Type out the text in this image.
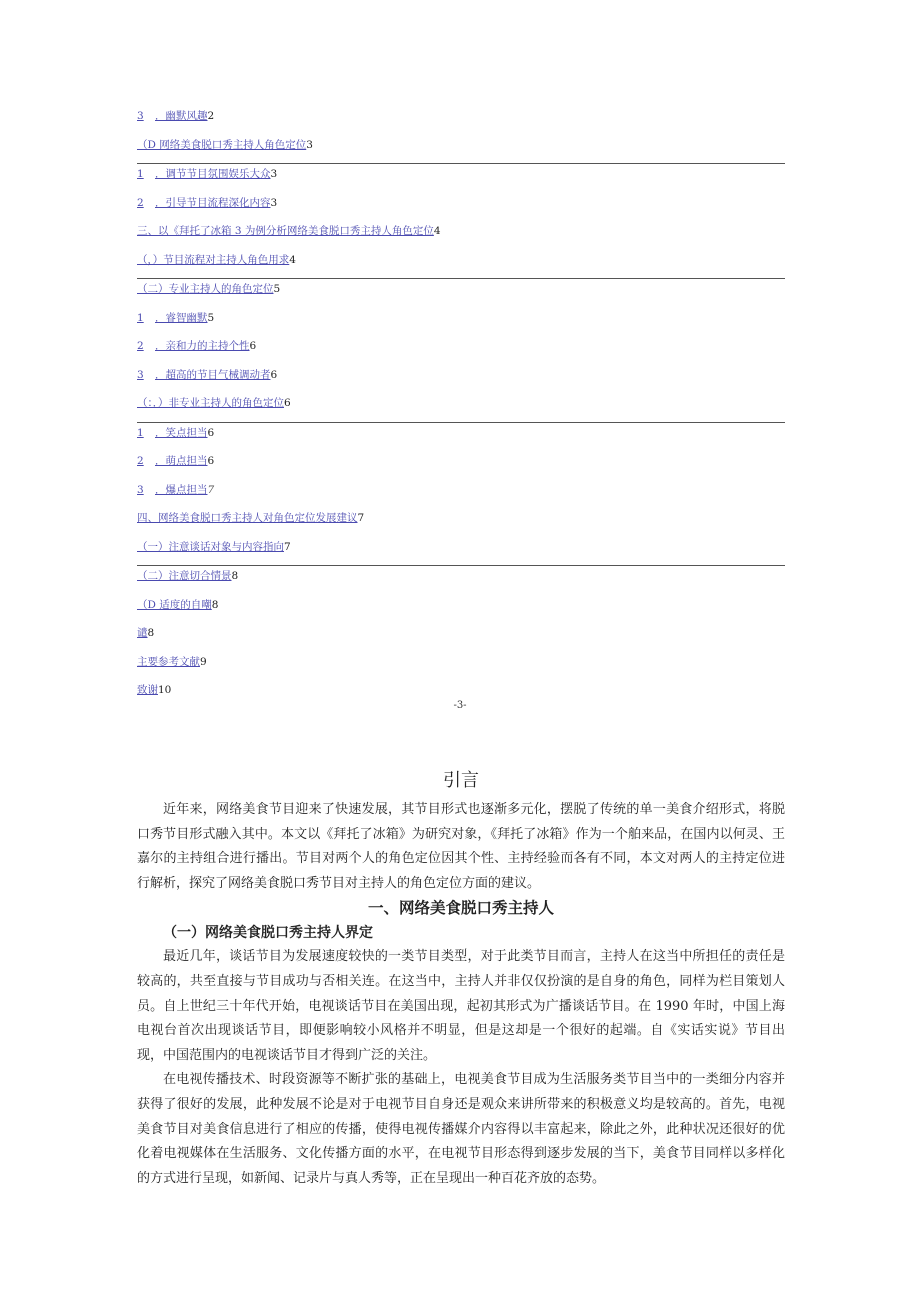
3 ．幽默风趣2
（D 网络美食脱口秀主持人角色定位3
1 ．调节节目氛围娱乐大众3
2 ．引导节目流程深化内容3
三、以《拜托了冰箱 3 为例分析网络美食脱口秀主持人角色定位4
（，）节目流程对主持人角色用求4
（二）专业主持人的角色定位5
1 ．睿智幽默5
2 ．亲和力的主持个性6
3 ．超高的节目气械调动者6
（：．）非专业主持人的角色定位6
1 ．笑点担当6
2 ．萌点担当6
3 ．爆点担当7
四、网络美食脱口秀主持人对角色定位发展建议7
（一）注意谈话对象与内容指向7
（二）注意切合情景8
（D 适度的自嘲8
谴8
主要参考文献9
致谢10
-3-
引言

近年来，网络美食节目迎来了快速发展，其节目形式也逐渐多元化，摆脱了传统的单一美食介绍形式，将脱口秀节目形式融入其中。本文以《拜托了冰箱》为研究对象，《拜托了冰箱》作为一个舶来品，在国内以何灵、王嘉尔的主持组合进行播出。节目对两个人的角色定位因其个性、主持经验而各有不同，本文对两人的主持定位进行解析，探究了网络美食脱口秀节目对主持人的角色定位方面的建议。

一、网络美食脱口秀主持人
（一）网络美食脱口秀主持人界定

最近几年，谈话节目为发展速度较快的一类节目类型，对于此类节目而言，主持人在这当中所担任的责任是较高的，共至直接与节目成功与否相关连。在这当中，主持人并非仅仅扮演的是自身的角色，同样为栏目策划人员。自上世纪三十年代开始，电视谈话节目在美国出现，起初其形式为广播谈话节目。在 1990 年时，中国上海电视台首次出现谈话节目，即便影响较小风格并不明显，但是这却是一个很好的起端。自《实话实说》节目出现，中国范围内的电视谈话节目才得到广泛的关注。

在电视传播技术、时段资源等不断扩张的基础上，电视美食节目成为生活服务类节目当中的一类细分内容并获得了很好的发展，此种发展不论是对于电视节目自身还是观众来讲所带来的积极意义均是较高的。首先，电视美食节目对美食信息进行了相应的传播，使得电视传播媒介内容得以丰富起来，除此之外，此种状况还很好的优化着电视媒体在生活服务、文化传播方面的水平，在电视节目形态得到逐步发展的当下，美食节目同样以多样化的方式进行呈现，如新闻、记录片与真人秀等，正在呈现出一种百花齐放的态势。
